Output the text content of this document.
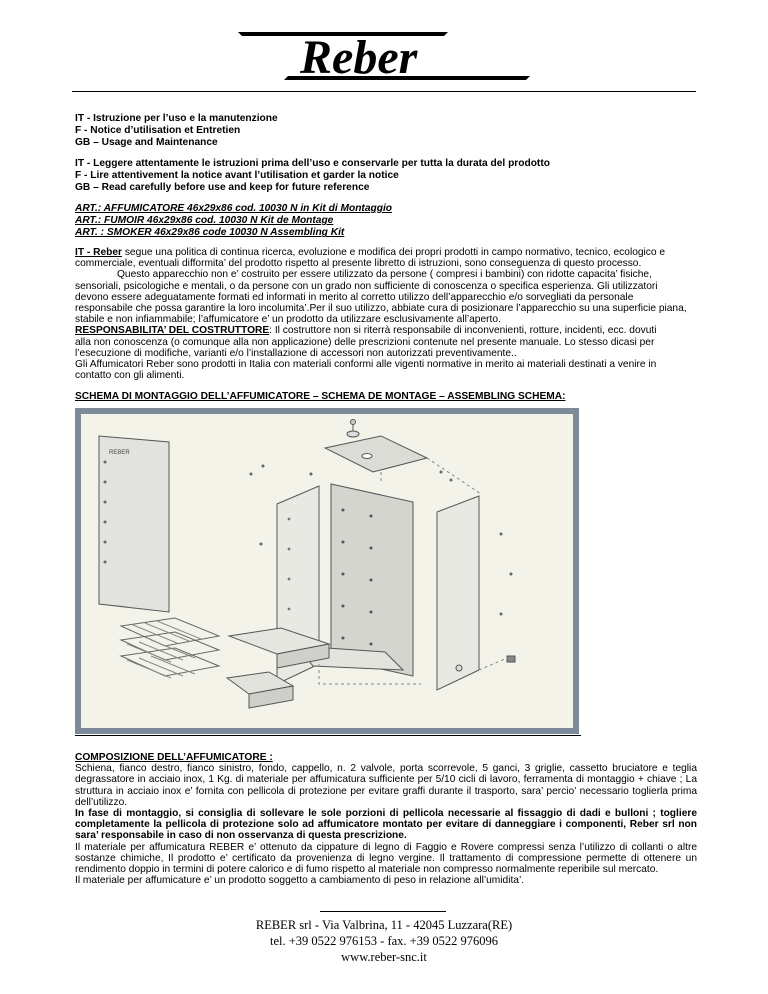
Reber
IT - Istruzione per l’uso e la manutenzione
F - Notice d’utilisation et Entretien
GB – Usage and Maintenance
IT - Leggere attentamente le istruzioni prima dell’uso e conservarle per tutta la durata del prodotto
F - Lire attentivement la notice avant l’utilisation et garder la notice
GB – Read carefully before use and keep for future reference
ART.: AFFUMICATORE 46x29x86 cod. 10030 N in Kit di Montaggio
ART.: FUMOIR 46x29x86 cod. 10030 N Kit de Montage
ART. : SMOKER 46x29x86 code 10030 N Assembling Kit
IT - Reber segue una politica di continua ricerca, evoluzione e modifica dei propri prodotti in campo normativo, tecnico, ecologico e
commerciale, eventuali difformita’ del prodotto rispetto al presente libretto di istruzioni, sono conseguenza di questo processo.
Questo apparecchio non e’ costruito per essere utilizzato da persone ( compresi i bambini) con ridotte capacita’ fisiche,
sensoriali, psicologiche e mentali, o da persone con un grado non sufficiente di conoscenza o specifica esperienza. Gli utilizzatori
devono essere adeguatamente formati ed informati in merito al corretto utilizzo dell’apparecchio e/o sorvegliati da personale
responsabile che possa garantire la loro incolumita’.Per il suo utilizzo, abbiate cura di posizionare l’apparecchio su una superficie piana,
stabile e non infiammabile; l’affumicatore e’ un prodotto da utilizzare esclusivamente all’aperto.
RESPONSABILITA’ DEL COSTRUTTORE: Il costruttore non si riterrà responsabile di inconvenienti, rotture, incidenti, ecc. dovuti
alla non conoscenza (o comunque alla non applicazione) delle prescrizioni contenute nel presente manuale. Lo stesso dicasi per
l’esecuzione di modifiche, varianti e/o l’installazione di accessori non autorizzati preventivamente..
Gli Affumicatori Reber sono prodotti in Italia con materiali conformi alle vigenti normative in merito ai materiali destinati a venire in
contatto con gli alimenti.
SCHEMA DI MONTAGGIO DELL’AFFUMICATORE – SCHEMA DE MONTAGE – ASSEMBLING SCHEMA:
REBER
COMPOSIZIONE DELL’AFFUMICATORE :
Schiena, fianco destro, fianco sinistro, fondo, cappello, n. 2 valvole, porta scorrevole, 5 ganci, 3 griglie, cassetto bruciatore e teglia degrassatore in acciaio inox, 1 Kg. di materiale per affumicatura sufficiente per 5/10 cicli di lavoro, ferramenta di montaggio + chiave ; La struttura in acciaio inox e’ fornita con pellicola di protezione per evitare graffi durante il trasporto, sara’ percio’ necessario toglierla prima dell’utilizzo.
In fase di montaggio, si consiglia di sollevare le sole porzioni di pellicola necessarie al fissaggio di dadi e bulloni ; togliere completamente la pellicola di protezione solo ad affumicatore montato per evitare di danneggiare i componenti, Reber srl non sara’ responsabile in caso di non osservanza di questa prescrizione.
Il materiale per affumicatura REBER e’ ottenuto da cippature di legno di Faggio e Rovere compressi senza l’utilizzo di collanti o altre sostanze chimiche, Il prodotto e’ certificato da provenienza di legno vergine. Il trattamento di compressione permette di ottenere un rendimento doppio in termini di potere calorico e di fumo rispetto al materiale non compresso normalmente reperibile sul mercato.
Il materiale per affumicature e’ un prodotto soggetto a cambiamento di peso in relazione all’umidita’.
REBER srl - Via Valbrina, 11 - 42045 Luzzara(RE)
tel. +39 0522 976153 - fax. +39 0522 976096
www.reber-snc.it
